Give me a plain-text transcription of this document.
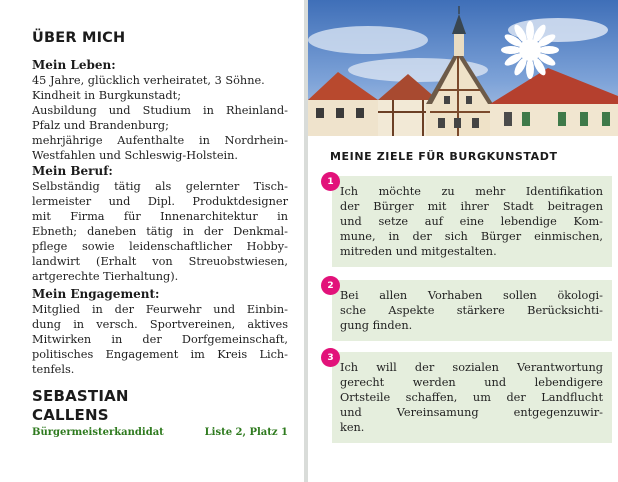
ÜBER MICH
Mein Leben:
45 Jahre, glücklich verheiratet, 3 Söhne.
Kindheit in Burgkunstadt;
Ausbildung und Studium in Rheinland-
Pfalz und Brandenburg;
mehrjährige Aufenthalte in Nordrhein-
Westfahlen und Schleswig-Holstein.
Mein Beruf:
Selbständig tätig als gelernter Tisch-
lermeister und Dipl. Produktdesigner
mit Firma für Innenarchitektur in
Ebneth; daneben tätig in der Denkmal-
pflege sowie leidenschaftlicher Hobby-
landwirt (Erhalt von Streuobstwiesen,
artgerechte Tierhaltung).
Mein Engagement:
Mitglied in der Feurwehr und Einbin-
dung in versch. Sportvereinen, aktives
Mitwirken in der Dorfgemeinschaft,
politisches Engagement im Kreis Lich-
tenfels.
SEBASTIAN
CALLENS
Bürgermeisterkandidat	Liste 2, Platz 1
MEINE ZIELE FÜR BURGKUNSTADT
Ich möchte zu mehr Identifikation
der Bürger mit ihrer Stadt beitragen
und setze auf eine lebendige Kom-
mune, in der sich Bürger einmischen,
mitreden und mitgestalten.
1
Bei allen Vorhaben sollen ökologi-
sche Aspekte stärkere Berücksichti-
gung finden.
2
Ich will der sozialen Verantwortung
gerecht werden und lebendigere
Ortsteile schaffen, um der Landflucht
und Vereinsamung entgegenzuwir-
ken.
3
